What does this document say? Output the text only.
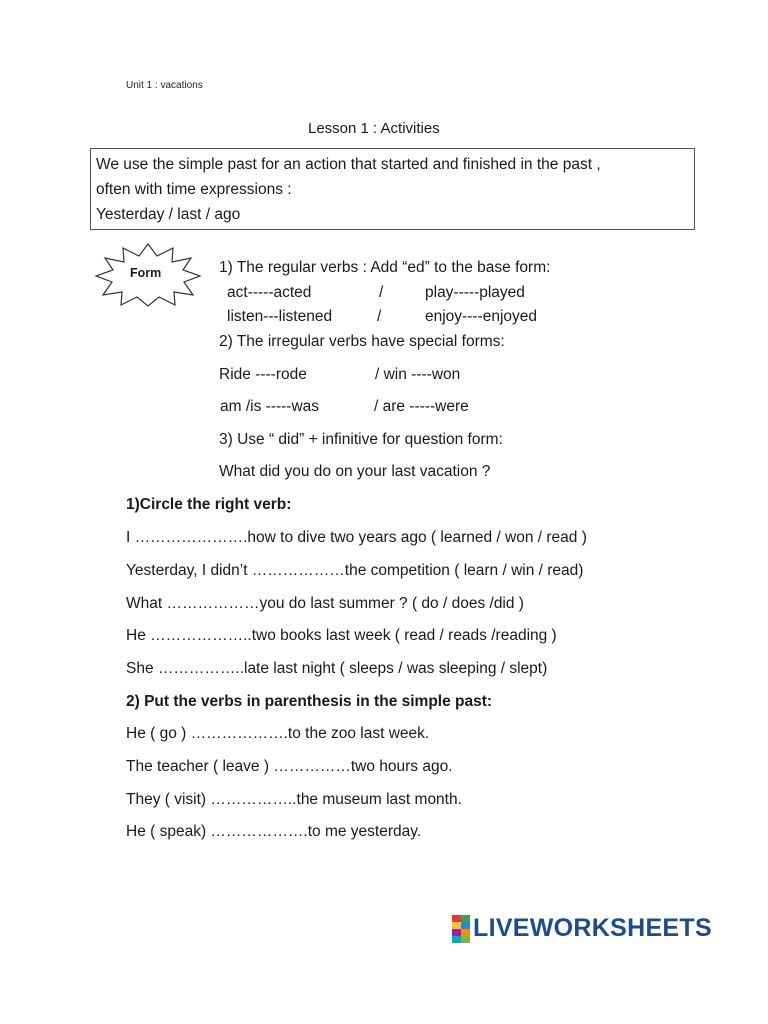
Unit 1 : vacations
Lesson 1 : Activities
We use the simple past for an action that started and finished in the past ,
often with time expressions :
Yesterday / last / ago
Form	1) The regular verbs : Add “ed” to the base form:
act-----acted	/	play-----played
listen---listened	/	enjoy----enjoyed
2) The irregular verbs have special forms:
Ride ----rode	/ win ----won
am /is -----was	/ are -----were
3) Use “ did” + infinitive for question form:
What did you do on your last vacation ?
1)Circle the right verb:
I ………………….how to dive two years ago ( learned / won / read )
Yesterday, I didn’t ………………the competition ( learn / win / read)
What ………………you do last summer ? ( do / does /did )
He ………………..two books last week ( read / reads /reading )
She ……………..late last night ( sleeps / was sleeping / slept)
2) Put the verbs in parenthesis in the simple past:
He ( go ) ……………….to the zoo last week.
The teacher ( leave ) ……………two hours ago.
They ( visit) ……………..the museum last month.
He ( speak) ……………….to me yesterday.
LIVEWORKSHEETS
